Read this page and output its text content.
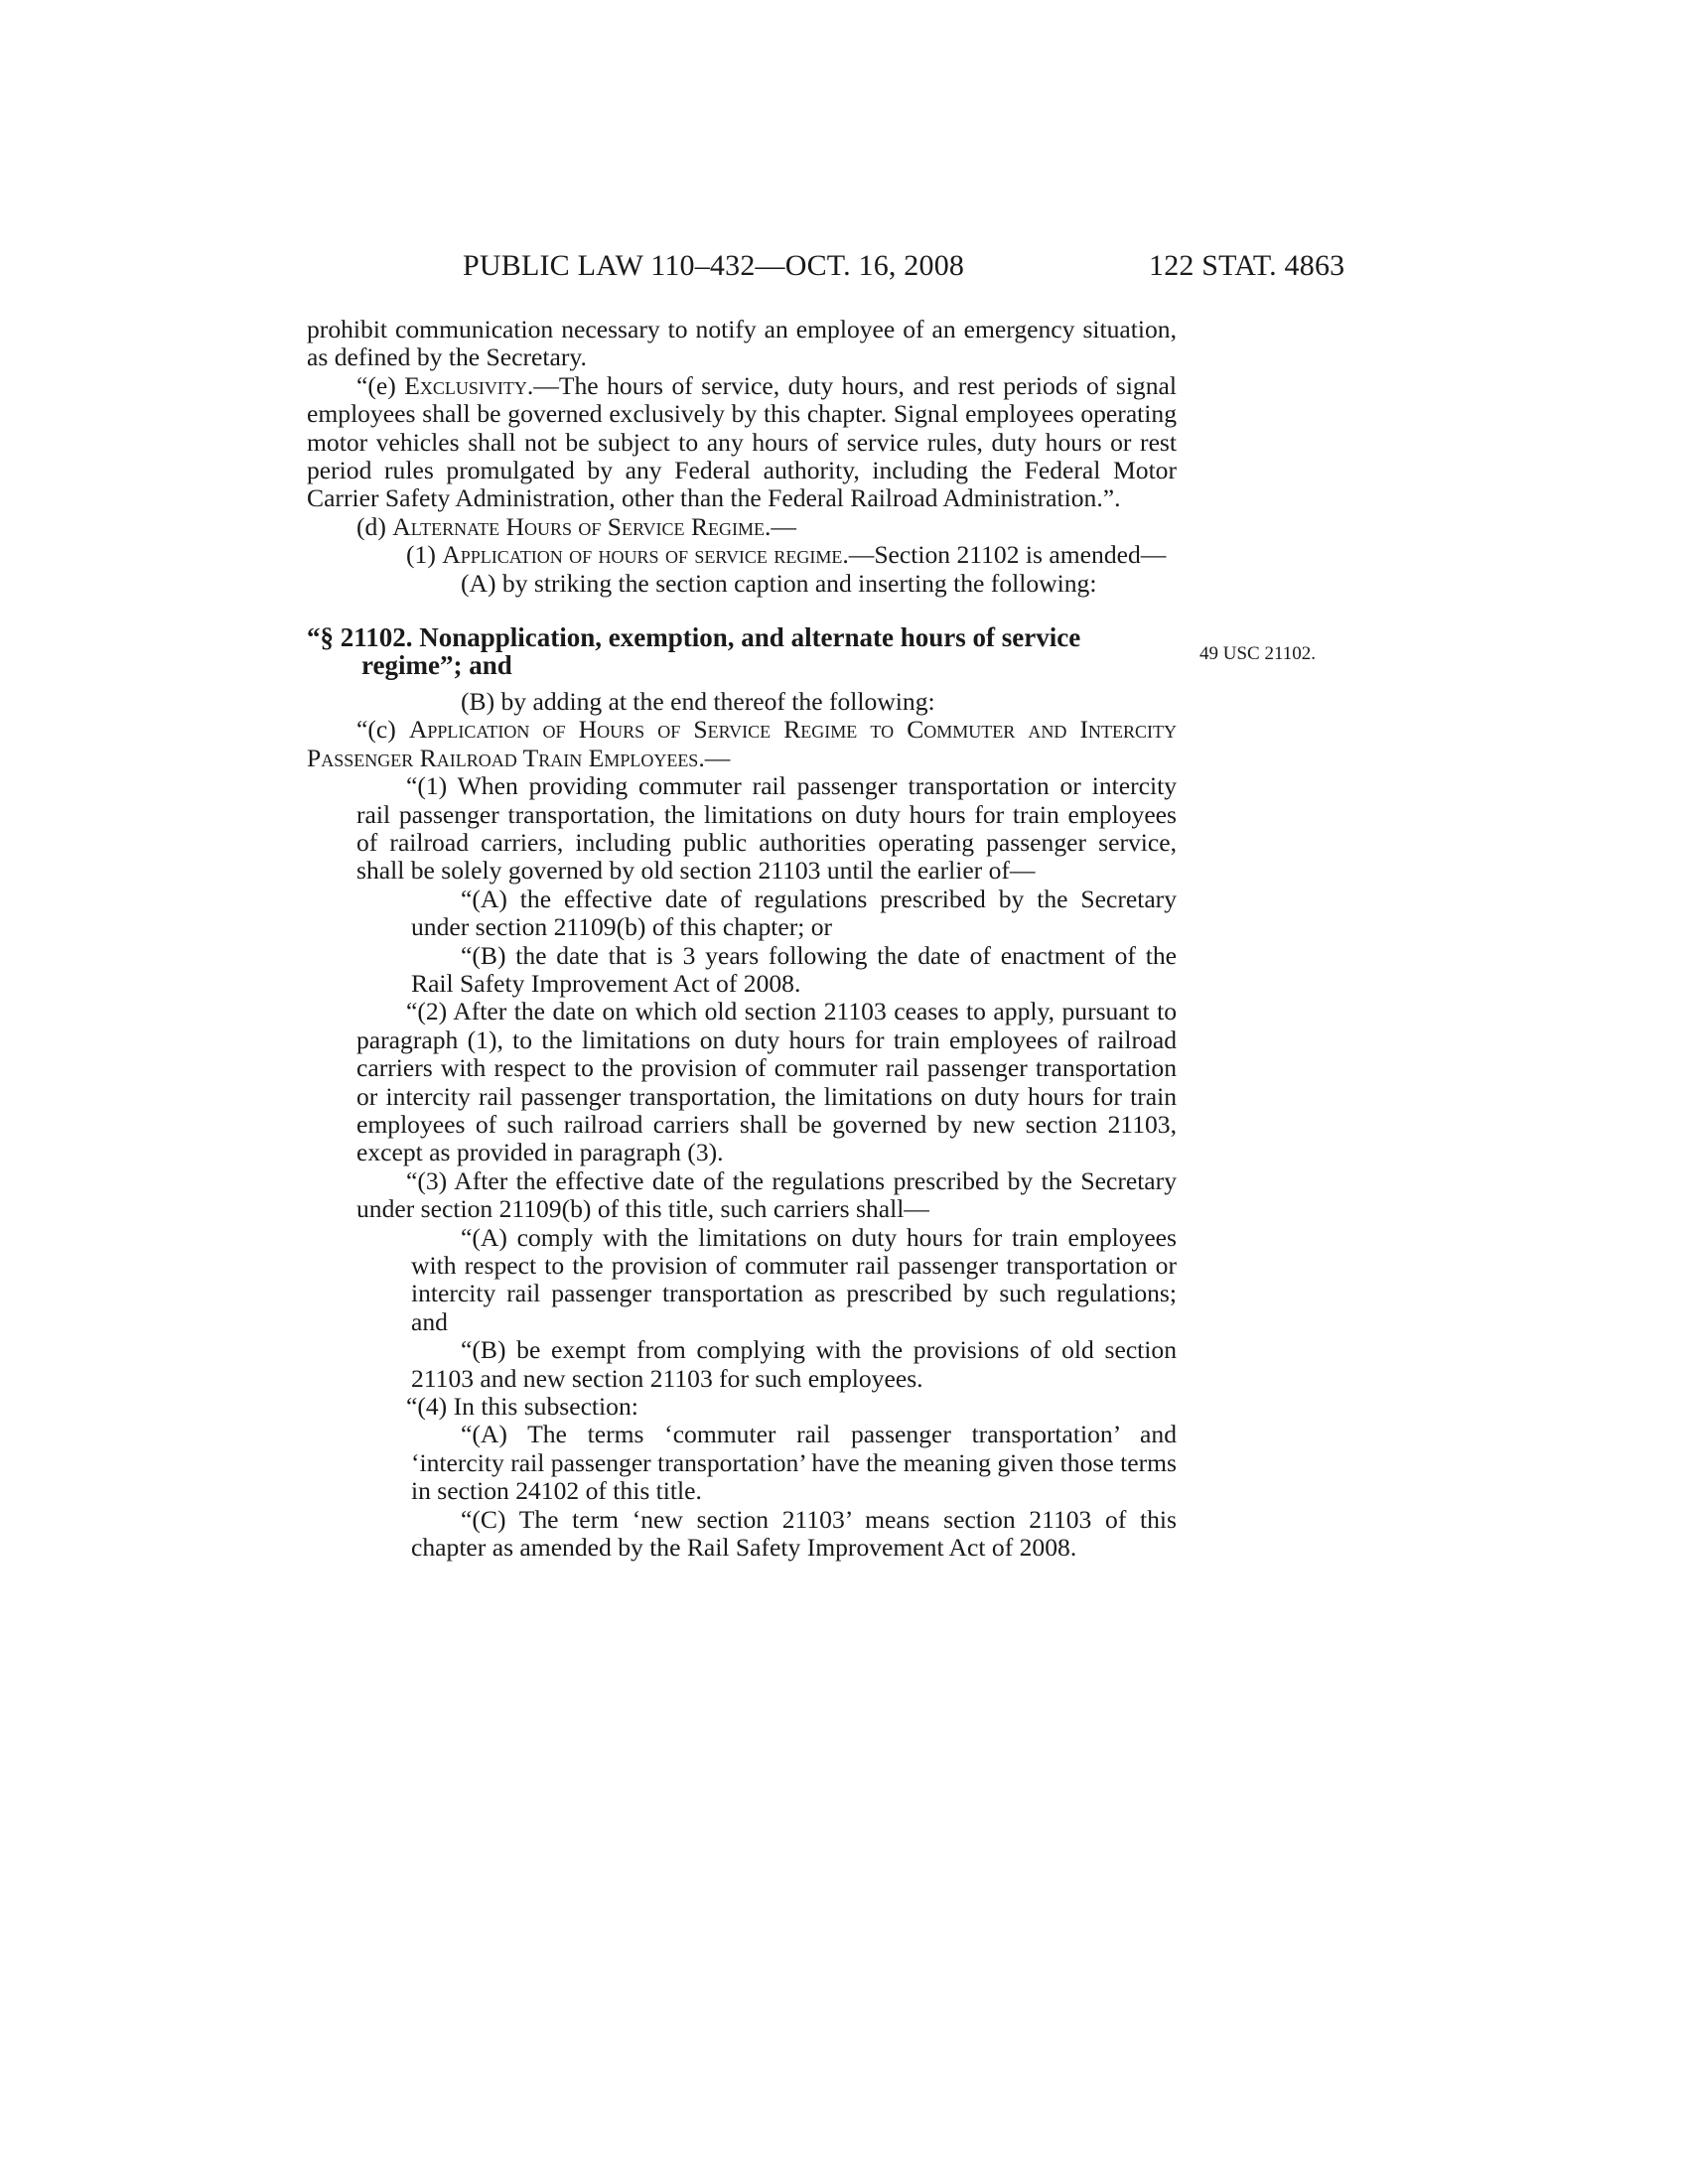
PUBLIC LAW 110–432—OCT. 16, 2008	122 STAT. 4863
49 USC 21102.

prohibit communication necessary to notify an employee of an emergency situation, as defined by the Secretary.

“(e) Exclusivity.—The hours of service, duty hours, and rest periods of signal employees shall be governed exclusively by this chapter. Signal employees operating motor vehicles shall not be subject to any hours of service rules, duty hours or rest period rules promulgated by any Federal authority, including the Federal Motor Carrier Safety Administration, other than the Federal Railroad Administration.”.

(d) Alternate Hours of Service Regime.—

(1) Application of hours of service regime.—Section 21102 is amended—

(A) by striking the section caption and inserting the following:

“§ 21102. Nonapplication, exemption, and alternate hours of service regime”; and

(B) by adding at the end thereof the following:

“(c) Application of Hours of Service Regime to Commuter and Intercity Passenger Railroad Train Employees.—

“(1) When providing commuter rail passenger transportation or intercity rail passenger transportation, the limitations on duty hours for train employees of railroad carriers, including public authorities operating passenger service, shall be solely governed by old section 21103 until the earlier of—

“(A) the effective date of regulations prescribed by the Secretary under section 21109(b) of this chapter; or

“(B) the date that is 3 years following the date of enactment of the Rail Safety Improvement Act of 2008.

“(2) After the date on which old section 21103 ceases to apply, pursuant to paragraph (1), to the limitations on duty hours for train employees of railroad carriers with respect to the provision of commuter rail passenger transportation or intercity rail passenger transportation, the limitations on duty hours for train employees of such railroad carriers shall be governed by new section 21103, except as provided in paragraph (3).

“(3) After the effective date of the regulations prescribed by the Secretary under section 21109(b) of this title, such carriers shall—

“(A) comply with the limitations on duty hours for train employees with respect to the provision of commuter rail passenger transportation or intercity rail passenger transportation as prescribed by such regulations; and

“(B) be exempt from complying with the provisions of old section 21103 and new section 21103 for such employees.

“(4) In this subsection:

“(A) The terms ‘commuter rail passenger transportation’ and ‘intercity rail passenger transportation’ have the meaning given those terms in section 24102 of this title.

“(C) The term ‘new section 21103’ means section 21103 of this chapter as amended by the Rail Safety Improvement Act of 2008.
